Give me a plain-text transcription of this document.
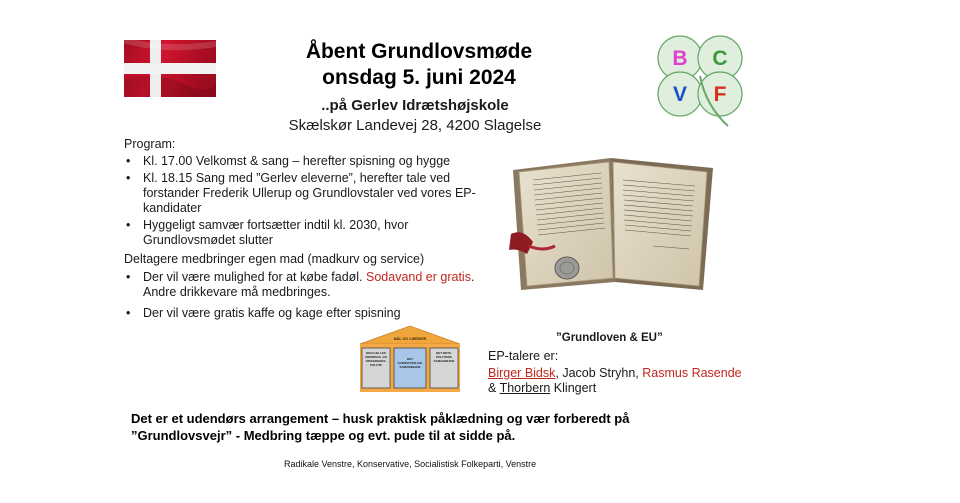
Åbent Grundlovsmøde
onsdag 5. juni 2024
..på Gerlev Idrætshøjskole
Skælskør Landevej 28, 4200 Slagelse
B C
V F
Program:
• Kl. 17.00 Velkomst & sang – herefter spisning og hygge
• Kl. 18.15 Sang med ”Gerlev eleverne”, herefter tale ved forstander Frederik Ullerup og Grundlovstaler ved vores EP-kandidater
• Hyggeligt samvær fortsætter indtil kl. 2030, hvor Grundlovsmødet slutter
Deltagere medbringer egen mad (madkurv og service)
• Der vil være mulighed for at købe fadøl. Sodavand er gratis. Andre drikkevare må medbringes.
• Der vil være gratis kaffe og kage efter spisning
MÅL OG VÆRDIER
DEN FÆLLES
UDENRIGS- OG
SIKKERHEDS-
POLITIK
DET
OVERSTATSLIGE
SAMARBEJDE
DET RETS-
POLITISKE
SAMARBEJDE
”Grundloven & EU”
EP-talere er:
Birger Bidsk, Jacob Stryhn, Rasmus Rasende
& Thorbern Klingert
Det er et udendørs arrangement – husk praktisk påklædning og vær forberedt på ”Grundlovsvejr” - Medbring tæppe og evt. pude til at sidde på.
Radikale Venstre, Konservative, Socialistisk Folkeparti, Venstre
